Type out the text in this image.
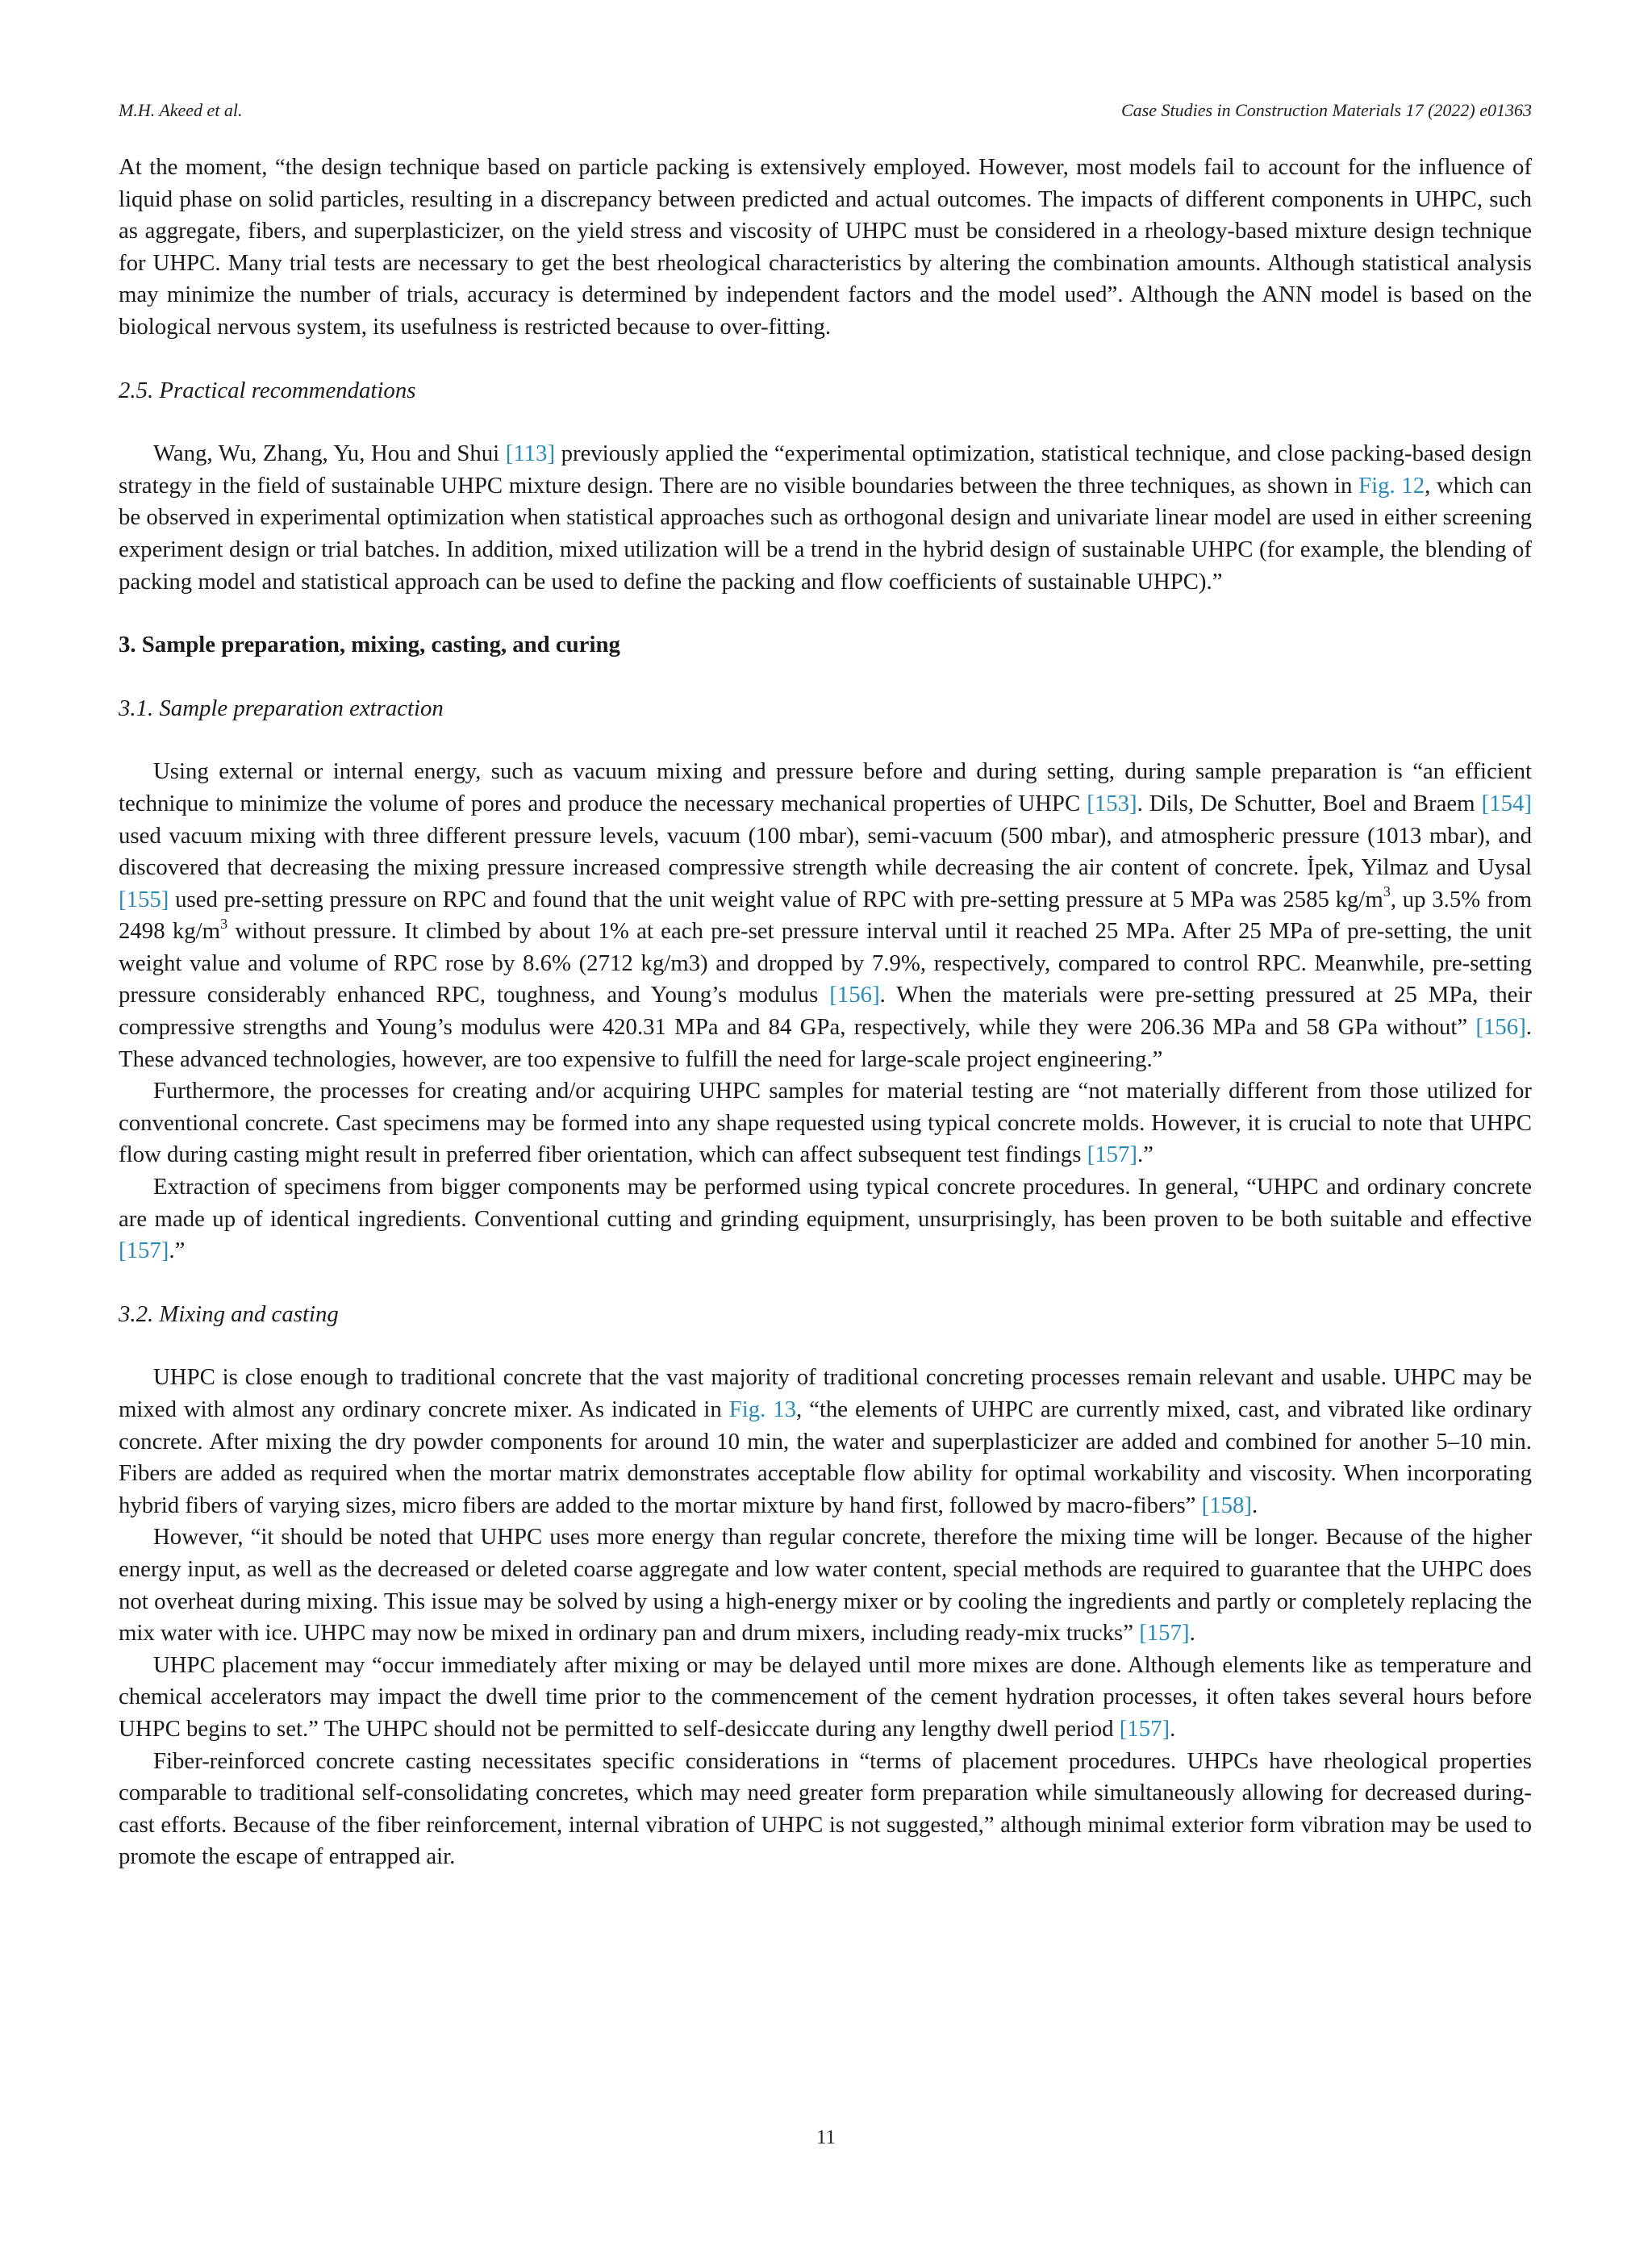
M.H. Akeed et al.	Case Studies in Construction Materials 17 (2022) e01363

At the moment, “the design technique based on particle packing is extensively employed. However, most models fail to account for the influence of liquid phase on solid particles, resulting in a discrepancy between predicted and actual outcomes. The impacts of different components in UHPC, such as aggregate, fibers, and superplasticizer, on the yield stress and viscosity of UHPC must be considered in a rheology-based mixture design technique for UHPC. Many trial tests are necessary to get the best rheological characteristics by altering the combination amounts. Although statistical analysis may minimize the number of trials, accuracy is determined by independent factors and the model used”. Although the ANN model is based on the biological nervous system, its usefulness is restricted because to over-fitting.

2.5. Practical recommendations

Wang, Wu, Zhang, Yu, Hou and Shui [113] previously applied the “experimental optimization, statistical technique, and close packing-based design strategy in the field of sustainable UHPC mixture design. There are no visible boundaries between the three techniques, as shown in Fig. 12, which can be observed in experimental optimization when statistical approaches such as orthogonal design and univariate linear model are used in either screening experiment design or trial batches. In addition, mixed utilization will be a trend in the hybrid design of sustainable UHPC (for example, the blending of packing model and statistical approach can be used to define the packing and flow coefficients of sustainable UHPC).”

3. Sample preparation, mixing, casting, and curing
3.1. Sample preparation extraction

Using external or internal energy, such as vacuum mixing and pressure before and during setting, during sample preparation is “an efficient technique to minimize the volume of pores and produce the necessary mechanical properties of UHPC [153]. Dils, De Schutter, Boel and Braem [154] used vacuum mixing with three different pressure levels, vacuum (100 mbar), semi-vacuum (500 mbar), and atmospheric pressure (1013 mbar), and discovered that decreasing the mixing pressure increased compressive strength while decreasing the air content of concrete. İpek, Yilmaz and Uysal [155] used pre-setting pressure on RPC and found that the unit weight value of RPC with pre-setting pressure at 5 MPa was 2585 $kg/m^3$, up 3.5% from 2498 $kg/m^3$ without pressure. It climbed by about 1% at each pre-set pressure interval until it reached 25 MPa. After 25 MPa of pre-setting, the unit weight value and volume of RPC rose by 8.6% (2712 kg/m3) and dropped by 7.9%, respectively, compared to control RPC. Meanwhile, pre-setting pressure considerably enhanced RPC, toughness, and Young’s modulus [156]. When the materials were pre-setting pressured at 25 MPa, their compressive strengths and Young’s modulus were 420.31 MPa and 84 GPa, respectively, while they were 206.36 MPa and 58 GPa without” [156]. These advanced technologies, however, are too expensive to fulfill the need for large-scale project engineering.”

Furthermore, the processes for creating and/or acquiring UHPC samples for material testing are “not materially different from those utilized for conventional concrete. Cast specimens may be formed into any shape requested using typical concrete molds. However, it is crucial to note that UHPC flow during casting might result in preferred fiber orientation, which can affect subsequent test findings [157].”

Extraction of specimens from bigger components may be performed using typical concrete procedures. In general, “UHPC and ordinary concrete are made up of identical ingredients. Conventional cutting and grinding equipment, unsurprisingly, has been proven to be both suitable and effective [157].”

3.2. Mixing and casting

UHPC is close enough to traditional concrete that the vast majority of traditional concreting processes remain relevant and usable. UHPC may be mixed with almost any ordinary concrete mixer. As indicated in Fig. 13, “the elements of UHPC are currently mixed, cast, and vibrated like ordinary concrete. After mixing the dry powder components for around 10 min, the water and superplasticizer are added and combined for another 5–10 min. Fibers are added as required when the mortar matrix demonstrates acceptable flow ability for optimal workability and viscosity. When incorporating hybrid fibers of varying sizes, micro fibers are added to the mortar mixture by hand first, followed by macro-fibers” [158].

However, “it should be noted that UHPC uses more energy than regular concrete, therefore the mixing time will be longer. Because of the higher energy input, as well as the decreased or deleted coarse aggregate and low water content, special methods are required to guarantee that the UHPC does not overheat during mixing. This issue may be solved by using a high-energy mixer or by cooling the ingredients and partly or completely replacing the mix water with ice. UHPC may now be mixed in ordinary pan and drum mixers, including ready-mix trucks” [157].

UHPC placement may “occur immediately after mixing or may be delayed until more mixes are done. Although elements like as temperature and chemical accelerators may impact the dwell time prior to the commencement of the cement hydration processes, it often takes several hours before UHPC begins to set.” The UHPC should not be permitted to self-desiccate during any lengthy dwell period [157].

Fiber-reinforced concrete casting necessitates specific considerations in “terms of placement procedures. UHPCs have rheological properties comparable to traditional self-consolidating concretes, which may need greater form preparation while simultaneously allowing for decreased during-cast efforts. Because of the fiber reinforcement, internal vibration of UHPC is not suggested,” although minimal exterior form vibration may be used to promote the escape of entrapped air.

11
